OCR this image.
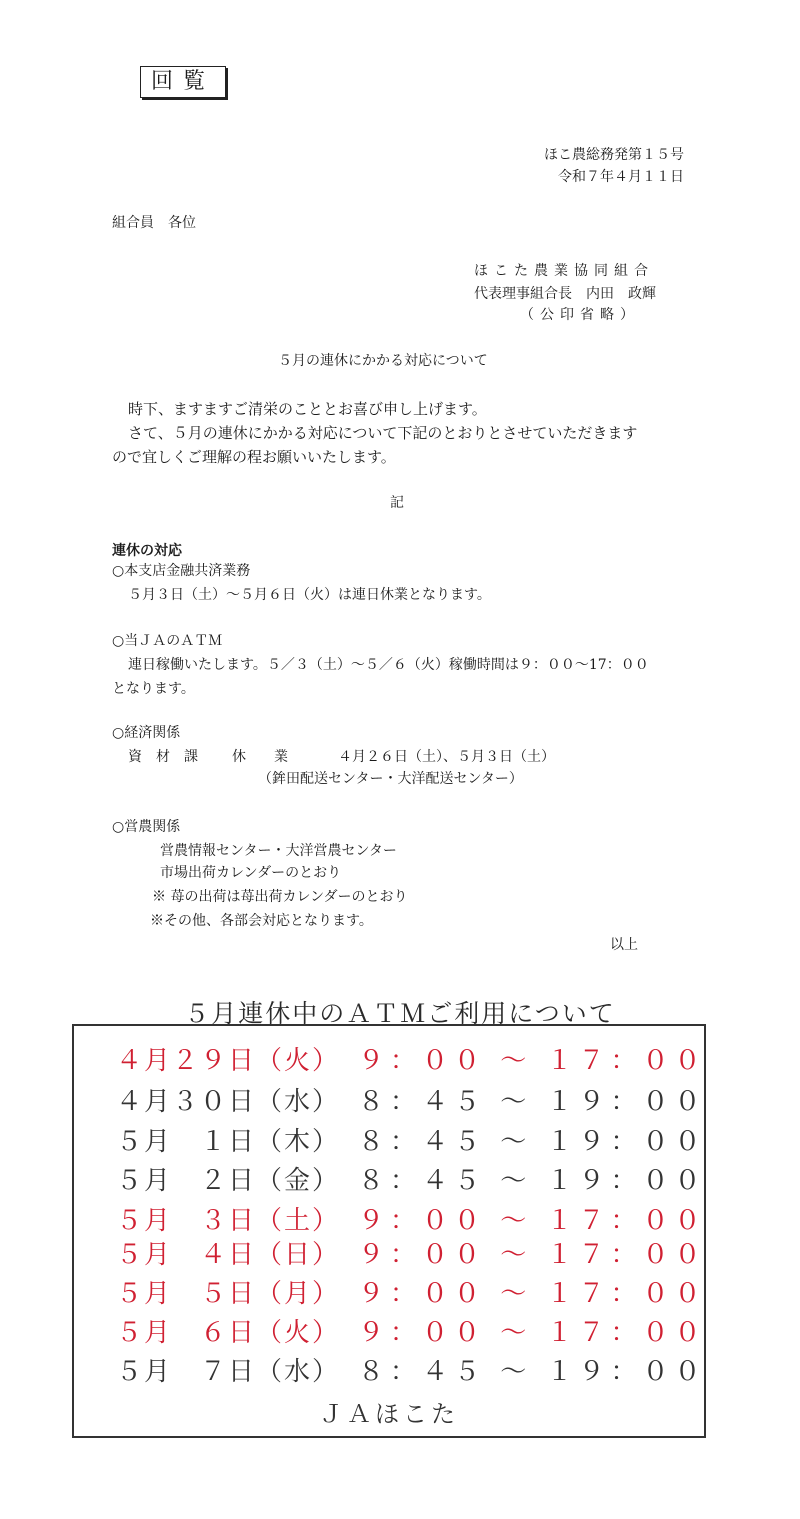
回覧
ほこ農総務発第１５号
令和７年４月１１日
組合員　各位
ほこた農業協同組合
代表理事組合長　内田　政輝
（公印省略）
５月の連休にかかる対応について
時下、ますますご清栄のこととお喜び申し上げます。
さて、５月の連休にかかる対応について下記のとおりとさせていただきます
ので宜しくご理解の程お願いいたします。
記
連休の対応
○本支店金融共済業務
５月３日（土）～５月６日（火）は連日休業となります。
○当ＪＡのＡＴＭ
連日稼働いたします。５／３（土）～５／６（火）稼働時間は９：００～17：００
となります。
○経済関係
資　材　課 休　　業	４月２６日（土）、５月３日（土）
（鉾田配送センター・大洋配送センター）
○営農関係
営農情報センター・大洋営農センター
市場出荷カレンダーのとおり
※ 苺の出荷は苺出荷カレンダーのとおり
※その他、各部会対応となります。
以上
５月連休中のＡＴＭご利用について
４月２９日（火） ９：００ ～ １７：００
４月３０日（水） ８：４５ ～ １９：００
５月　１日（木） ８：４５ ～ １９：００
５月　２日（金） ８：４５ ～ １９：００
５月　３日（土） ９：００ ～ １７：００
５月　４日（日） ９：００ ～ １７：００
５月　５日（月） ９：００ ～ １７：００
５月　６日（火） ９：００ ～ １７：００
５月　７日（水） ８：４５ ～ １９：００
ＪＡほこた
